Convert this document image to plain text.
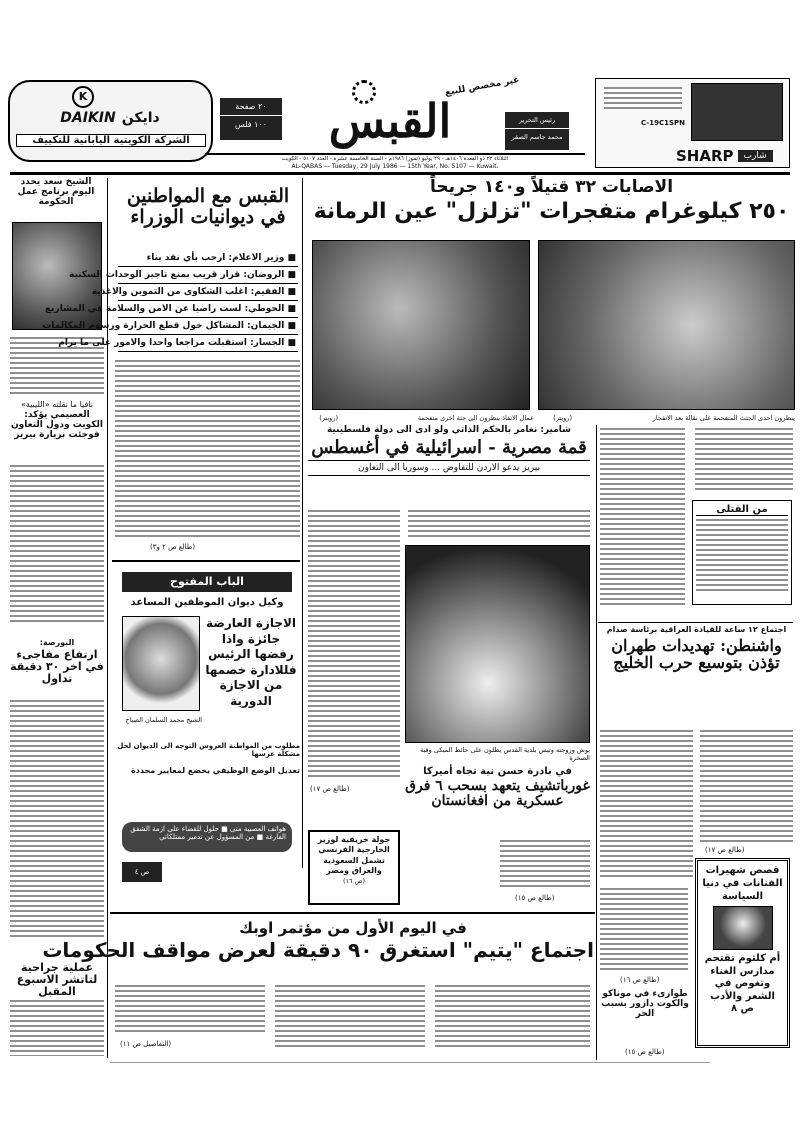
K
DAIKIN دايكن
الشركة الكويتية اليابانية للتكييف
٢٠ صفحة
١٠٠ فلس	القبس
غير مخصص للبيع
رئيس التحرير
محمد جاسم الصقر
الثلاثاء ٢٢ ذو القعدة ١٤٠٦هـ - ٢٩ يوليو (تموز) ١٩٨٦م - السنة الخامسة عشرة - العدد ٥١٠٧ - الكويت
AL-QABAS — Tuesday, 29 July 1986 — 15th Year, No. 5107 — Kuwait.
C-19C1SPN
SHARP	شارب
الشيخ سعد يحدد اليوم برنامج عمل الحكومة
نافيا ما نقلته «الليبية»
العصيمي يؤكد: الكويت ودول التعاون فوجئت بزيارة بيريز
البورصة:
ارتفاع مفاجىء في اخر ٣٠ دقيقة تداول
عملية جراحية لتاتشر الاسبوع المقبل
القبس مع المواطنين في ديوانيات الوزراء
■ وزير الاعلام: ارحب بأي نقد بناء
■ الروضان: قرار قريب بمنع تاجير الوحدات السكنية
■ الفقيم: اغلب الشكاوى من التموين والاغذية
■ الحوطي: لست راضيا عن الامن والسلامة في المشاريع
■ الجيمان: المشاكل حول قطع الحرارة ورسوم المكالمات
■ الجسار: استقبلت مراجعا واحدا والامور على ما يرام
(طالع ص ٢ و٣)
الباب المفتوح
وكيل ديوان الموظفين المساعد
الاجازة العارضة جائزة واذا رفضها الرئيس فللادارة خصمها من الاجازة الدورية
الشيخ محمد السلمان الصباح
مطلوب من المواطنة العروس التوجه الى الديوان لحل مشكلة عرسها
تعديل الوضع الوظيفي يخضع لمعايير محددة
هواتف العصبية متى ■ حلول للقضاء على ازمة الشقق الفارغة ■ من المسؤول عن تدمير ممتلكاتي
ص ٤
الاصابات ٣٢ قتيلاً و١٤٠ جريحاً
٢٥٠ كيلوغرام متفجرات "تزلزل" عين الرمانة
(رويتر)	عمال الانقاذ ينظرون الى جثة اخرى متفحمة	(رويتر)	ينظرون احدى الجثث المتفحمة على نقالة بعد الانفجار
من القتلى
شامير: نغامر بالحكم الذاتي ولو ادى الى دولة فلسطينية
قمة مصرية - اسرائيلية في أغسطس
بيريز يدعو الاردن للتفاوض ... وسوريا الى التعاون
(طالع ص ١٧)
بوش وزوجته وتيس بلدية القدس يطلون على حائط المبكى وقبة الصخرة
في بادرة حسن نية تجاه أميركا
غورباتشيف يتعهد بسحب ٦ فرق عسكرية من افغانستان
(طالع ص ١٥)
جولة خريفية لوزير الخارجية الفرنسي تشمل السعودية والعراق ومصر
(ص ١٦)
اجتماع ١٢ ساعة للقيادة العراقية برئاسة صدام
واشنطن: تهديدات طهران تؤذن بتوسيع حرب الخليج
(طالع ص ١٧)
(طالع ص ١٦)
قصص شهيرات الفنانات في دنيا السياسة
أم كلثوم تقتحم مدارس الغناء وتغوص في الشعر والأدب
ص ٨
في اليوم الأول من مؤتمر اوبك
اجتماع "يتيم" استغرق ٩٠ دقيقة لعرض مواقف الحكومات
(التفاصيل ص ١١)
طوارىء في موناكو والكوت دازور بسبب الحر
(طالع ص ١٥)
